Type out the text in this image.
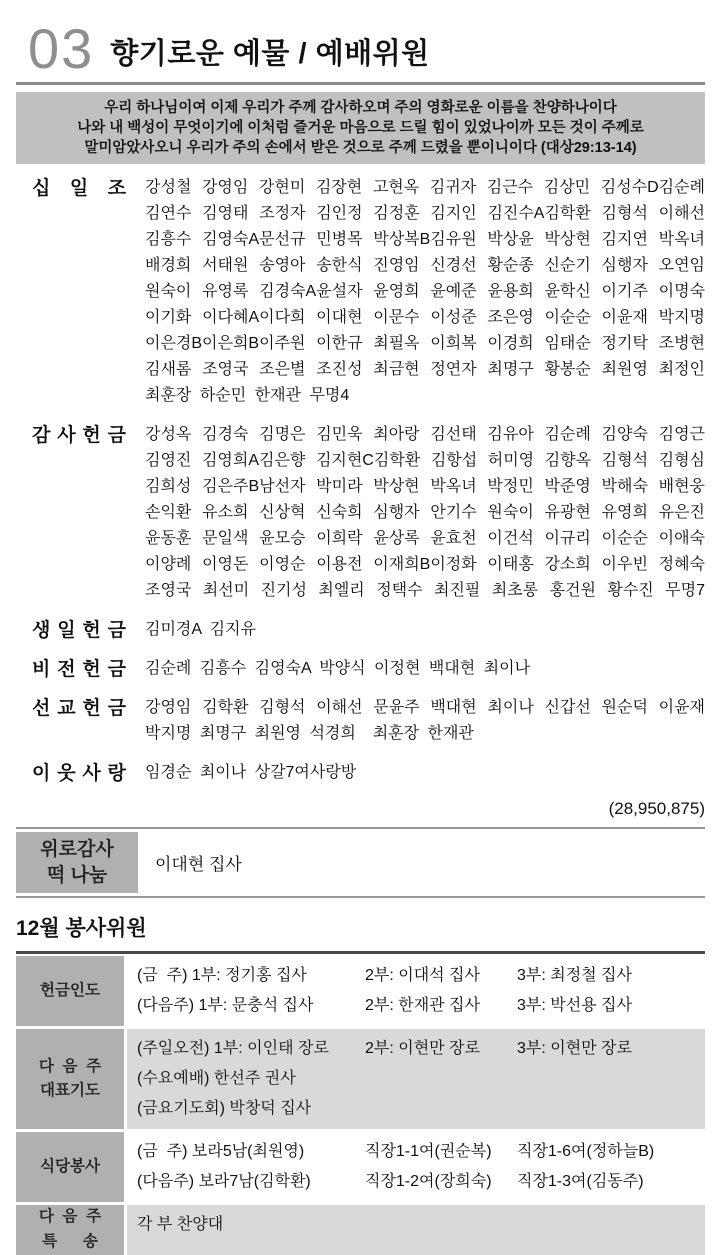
03 향기로운 예물 / 예배위원
우리 하나님이여 이제 우리가 주께 감사하오며 주의 영화로운 이름을 찬양하나이다
나와 내 백성이 무엇이기에 이처럼 즐거운 마음으로 드릴 힘이 있었나이까 모든 것이 주께로
말미암았사오니 우리가 주의 손에서 받은 것으로 주께 드렸을 뿐이니이다 (대상29:13-14)
십 일 조 강성철 강영임 강현미 김장현 고현옥 김귀자 김근수 김상민 김성수D김순례
김연수 김영태 조정자 김인정 김정훈 김지인 김진수A김학환 김형석 이해선
김흥수 김영숙A문선규 민병목 박상복B김유원 박상윤 박상현 김지연 박옥녀
배경희 서태원 송영아 송한식 진영임 신경선 황순종 신순기 심행자 오연임
원숙이 유영록 김경숙A윤설자 윤영희 윤예준 윤용희 윤학신 이기주 이명숙
이기화 이다혜A이다희 이대현 이문수 이성준 조은영 이순순 이윤재 박지명
이은경B이은희B이주원 이한규 최필옥 이희복 이경희 임태순 정기탁 조병현
김새롬 조영국 조은별 조진성 최금현 정연자 최명구 황봉순 최원영 최정인
최훈장 하순민 한재관 무명4
감 사 헌 금 강성옥 김경숙 김명은 김민욱 최아랑 김선태 김유아 김순례 김양숙 김영근
김영진 김영희A김은향 김지현C김학환 김항섭 허미영 김향옥 김형석 김형심
김희성 김은주B남선자 박미라 박상현 박옥녀 박정민 박준영 박해숙 배현웅
손익환 유소희 신상혁 신숙희 심행자 안기수 원숙이 유광현 유영희 유은진
윤동훈 문일색 윤모승 이희락 윤상록 윤효천 이건석 이규리 이순순 이애숙
이양례 이영돈 이영순 이용전 이재희B이정화 이태홍 강소희 이우빈 정혜숙
조영국 최선미 진기성 최엘리 정택수 최진필 최초롱 홍건원 황수진 무명7
생 일 헌 금 김미경A 김지유
비 전 헌 금 김순례 김흥수 김영숙A 박양식 이정현 백대현 최이나
선 교 헌 금 강영임 김학환 김형석 이해선 문윤주 백대현 최이나 신갑선 원순덕 이윤재
박지명 최명구 최원영 석경희  최훈장 한재관
이 웃 사 랑 임경순 최이나 상갈7여사랑방
(28,950,875)
위로감사
떡 나눔	이대현 집사
12월 봉사위원
헌금인도
(금  주) 1부: 정기홍 집사	2부: 이대석 집사	3부: 최정철 집사
(다음주) 1부: 문충석 집사	2부: 한재관 집사	3부: 박선용 집사
다  음  주
대표기도
(주일오전) 1부: 이인태 장로	2부: 이현만 장로	3부: 이현만 장로
(수요예배) 한선주 권사
(금요기도회) 박창덕 집사
식당봉사
(금  주) 보라5남(최원영)	직장1-1여(권순복)	직장1-6여(정하늘B)
(다음주) 보라7남(김학환)	직장1-2여(장희숙)	직장1-3여(김동주)
다  음  주
특      송
각 부 찬양대
